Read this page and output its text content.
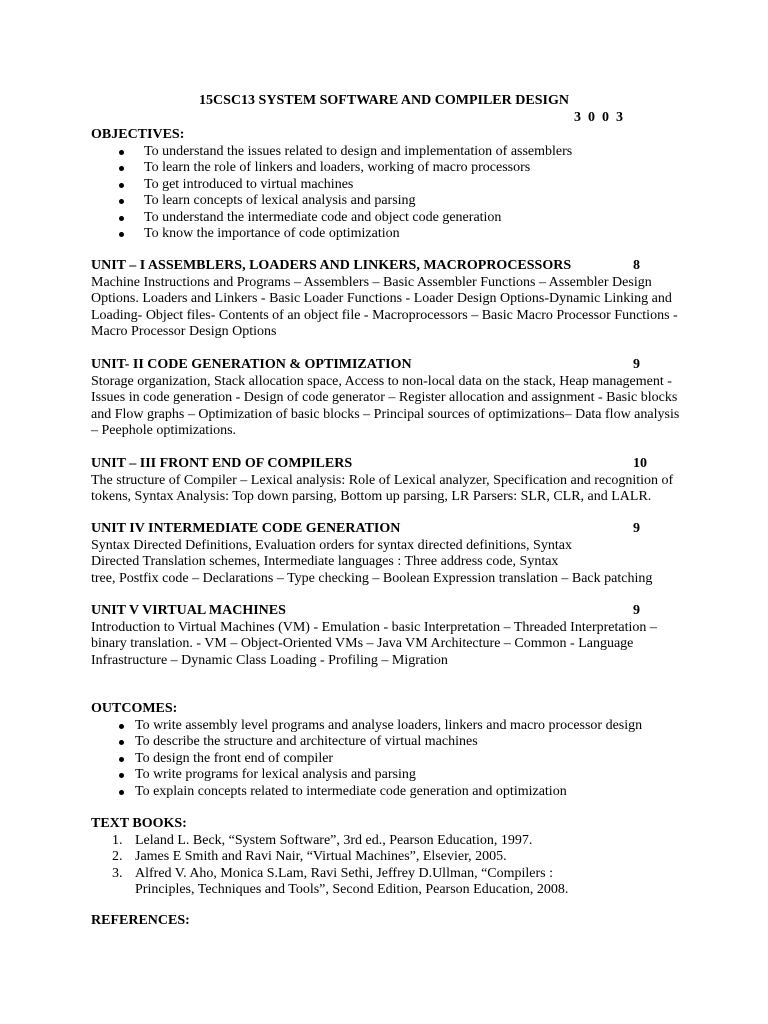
15CSC13 SYSTEM SOFTWARE AND COMPILER DESIGN
3  0  0  3
OBJECTIVES:
To understand the issues related to design and implementation of assemblers
To learn the role of linkers and loaders, working of macro processors
To get introduced to virtual machines
To learn concepts of lexical analysis and parsing
To understand the intermediate code and object code generation
To know the importance of code optimization
UNIT – I ASSEMBLERS, LOADERS AND LINKERS, MACROPROCESSORS	8
Machine Instructions and Programs – Assemblers – Basic Assembler Functions – Assembler Design
Options. Loaders and Linkers - Basic Loader Functions - Loader Design Options-Dynamic Linking and
Loading- Object files- Contents of an object file - Macroprocessors – Basic Macro Processor Functions -
Macro Processor Design Options
UNIT- II CODE GENERATION & OPTIMIZATION	9
Storage organization, Stack allocation space, Access to non-local data on the stack, Heap management -
Issues in code generation - Design of code generator – Register allocation and assignment - Basic blocks
and Flow graphs – Optimization of basic blocks – Principal sources of optimizations– Data flow analysis
– Peephole optimizations.
UNIT – III FRONT END OF COMPILERS	10
The structure of Compiler – Lexical analysis: Role of Lexical analyzer, Specification and recognition of
tokens, Syntax Analysis: Top down parsing, Bottom up parsing, LR Parsers: SLR, CLR, and LALR.
UNIT IV INTERMEDIATE CODE GENERATION	9
Syntax Directed Definitions, Evaluation orders for syntax directed definitions, Syntax
Directed Translation schemes, Intermediate languages : Three address code, Syntax
tree, Postfix code – Declarations – Type checking – Boolean Expression translation – Back patching
UNIT V VIRTUAL MACHINES	9
Introduction to Virtual Machines (VM) - Emulation - basic Interpretation – Threaded Interpretation –
binary translation. - VM – Object-Oriented VMs – Java VM Architecture – Common - Language
Infrastructure – Dynamic Class Loading - Profiling – Migration
OUTCOMES:
To write assembly level programs and analyse loaders, linkers and macro processor design
To describe the structure and architecture of virtual machines
To design the front end of compiler
To write programs for lexical analysis and parsing
To explain concepts related to intermediate code generation and optimization
TEXT BOOKS:
1. Leland L. Beck, “System Software”, 3rd ed., Pearson Education, 1997.
2. James E Smith and Ravi Nair, “Virtual Machines”, Elsevier, 2005.
3. Alfred V. Aho, Monica S.Lam, Ravi Sethi, Jeffrey D.Ullman, “Compilers :
Principles, Techniques and Tools”, Second Edition, Pearson Education, 2008.
REFERENCES:
